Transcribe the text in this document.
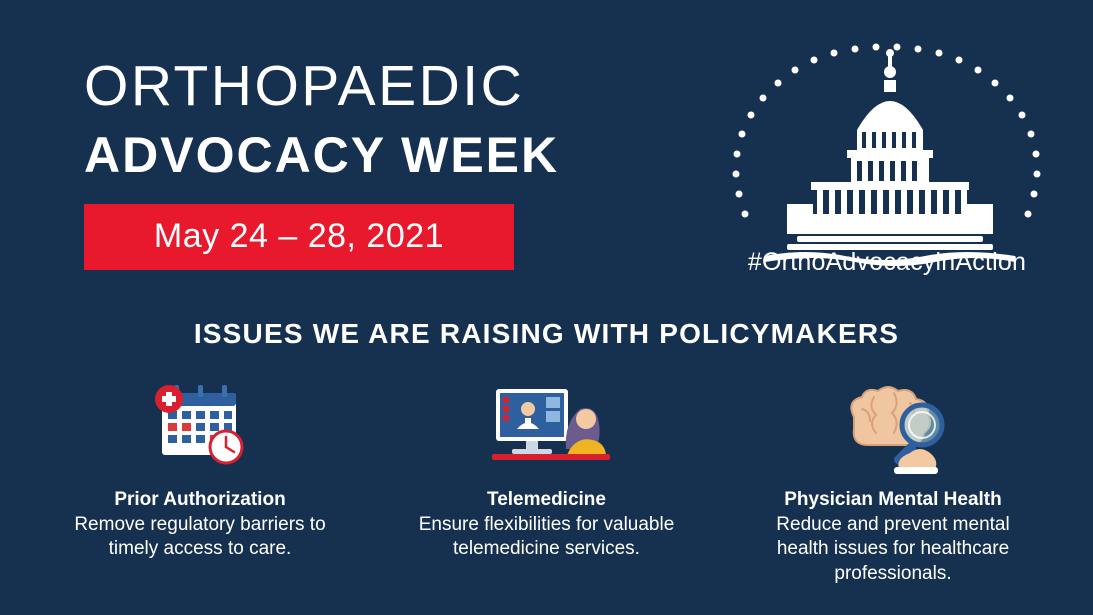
ORTHOPAEDIC
ADVOCACY WEEK
May 24 – 28, 2021
#OrthoAdvocacyinAction
ISSUES WE ARE RAISING WITH POLICYMAKERS
Prior Authorization
Remove regulatory barriers to timely access to care.
Telemedicine
Ensure flexibilities for valuable telemedicine services.
Physician Mental Health
Reduce and prevent mental health issues for healthcare professionals.
